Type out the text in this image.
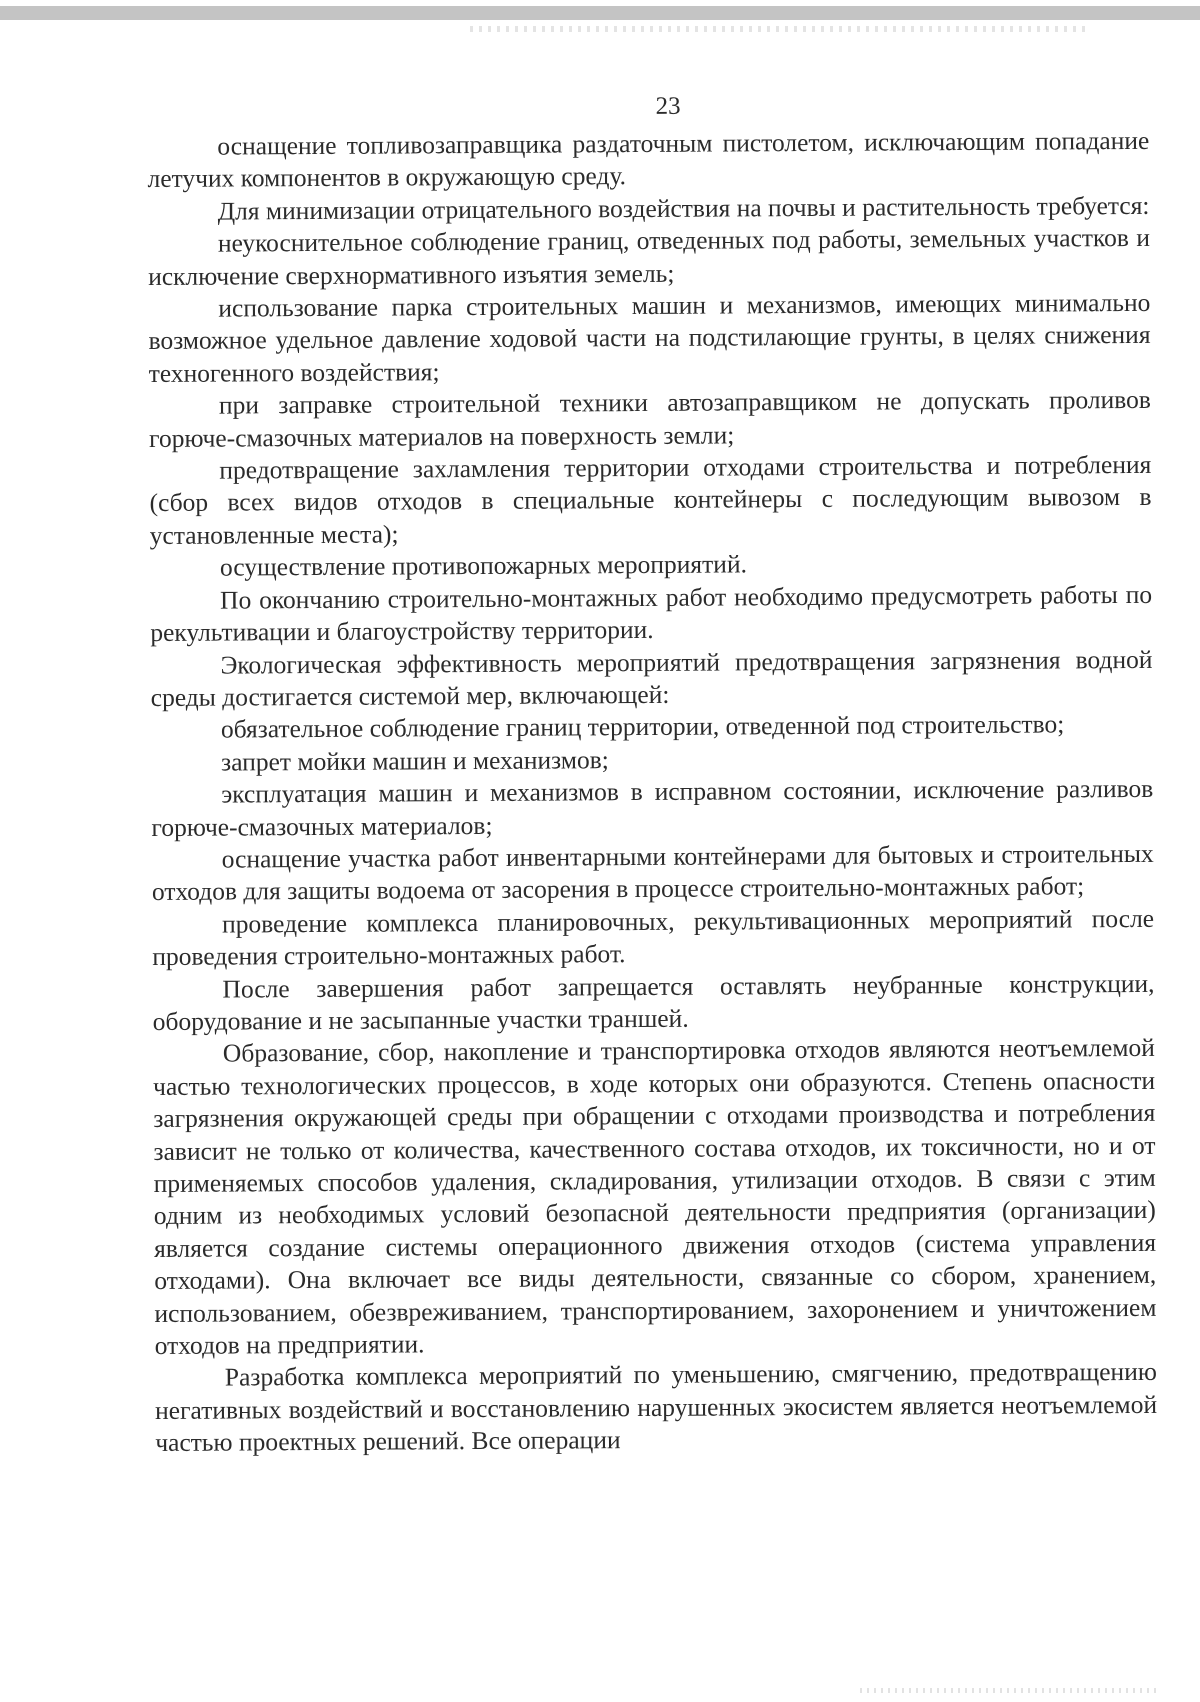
23

оснащение топливозаправщика раздаточным пистолетом, исключающим попадание летучих компонентов в окружающую среду.

Для минимизации отрицательного воздействия на почвы и растительность требуется:

неукоснительное соблюдение границ, отведенных под работы, земельных участков и исключение сверхнормативного изъятия земель;

использование парка строительных машин и механизмов, имеющих минимально возможное удельное давление ходовой части на подстилающие грунты, в целях снижения техногенного воздействия;

при заправке строительной техники автозаправщиком не допускать проливов горюче-смазочных материалов на поверхность земли;

предотвращение захламления территории отходами строительства и потребления (сбор всех видов отходов в специальные контейнеры с последующим вывозом в установленные места);

осуществление противопожарных мероприятий.

По окончанию строительно-монтажных работ необходимо предусмотреть работы по рекультивации и благоустройству территории.

Экологическая эффективность мероприятий предотвращения загрязнения водной среды достигается системой мер, включающей:

обязательное соблюдение границ территории, отведенной под строительство;

запрет мойки машин и механизмов;

эксплуатация машин и механизмов в исправном состоянии, исключение разливов горюче-смазочных материалов;

оснащение участка работ инвентарными контейнерами для бытовых и строительных отходов для защиты водоема от засорения в процессе строительно-монтажных работ;

проведение комплекса планировочных, рекультивационных мероприятий после проведения строительно-монтажных работ.

После завершения работ запрещается оставлять неубранные конструкции, оборудование и не засыпанные участки траншей.

Образование, сбор, накопление и транспортировка отходов являются неотъемлемой частью технологических процессов, в ходе которых они образуются. Степень опасности загрязнения окружающей среды при обращении с отходами производства и потребления зависит не только от количества, качественного состава отходов, их токсичности, но и от применяемых способов удаления, складирования, утилизации отходов. В связи с этим одним из необходимых условий безопасной деятельности предприятия (организации) является создание системы операционного движения отходов (система управления отходами). Она включает все виды деятельности, связанные со сбором, хранением, использованием, обезвреживанием, транспортированием, захоронением и уничтожением отходов на предприятии.

Разработка комплекса мероприятий по уменьшению, смягчению, предотвращению негативных воздействий и восстановлению нарушенных экосистем является неотъемлемой частью проектных решений. Все операции
